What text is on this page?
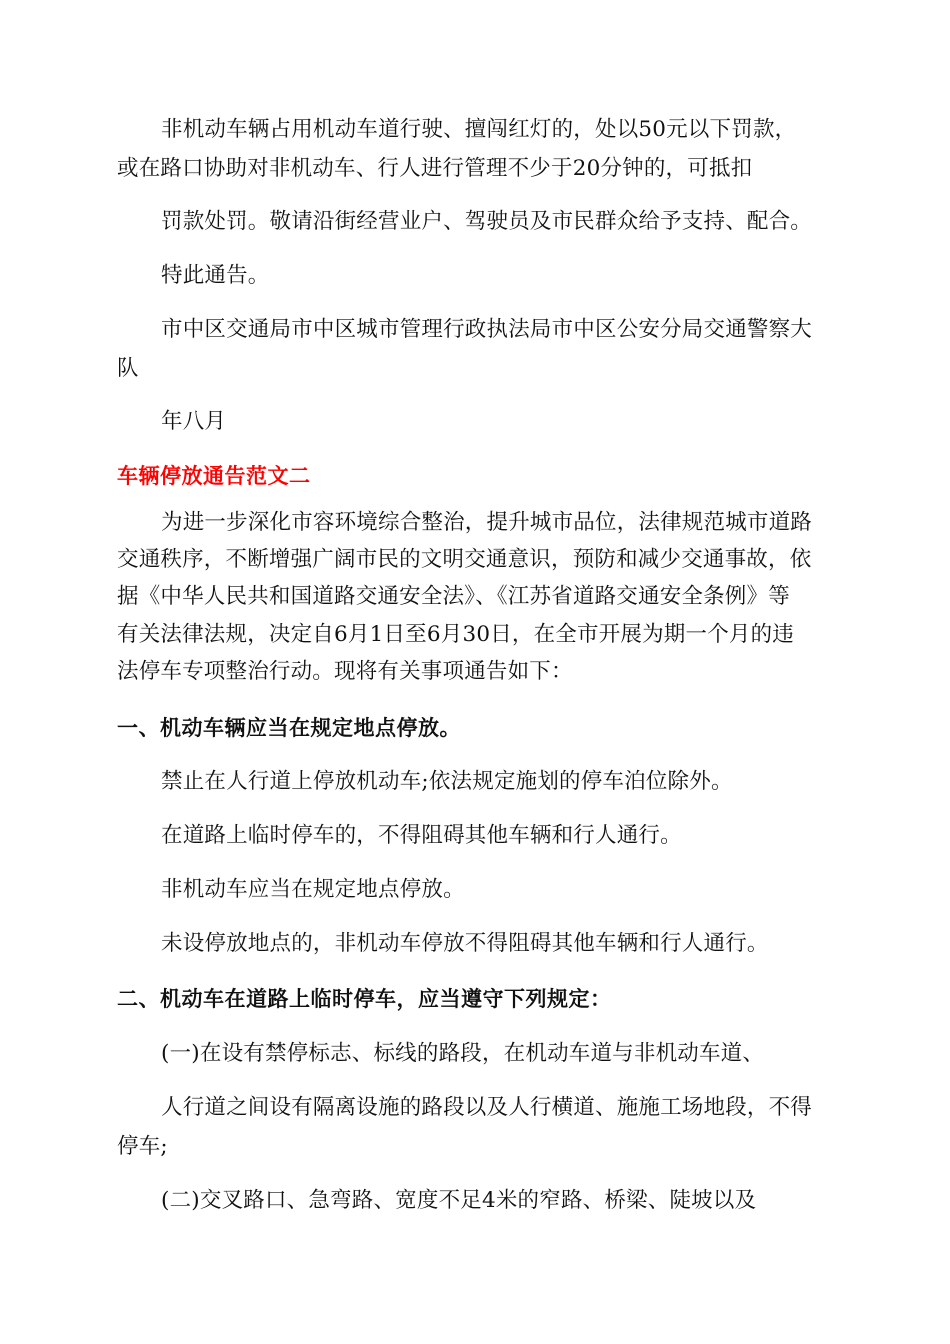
非机动车辆占用机动车道行驶、擅闯红灯的，处以50元以下罚款，
或在路口协助对非机动车、行人进行管理不少于20分钟的，可抵扣
罚款处罚。敬请沿街经营业户、驾驶员及市民群众给予支持、配合。
特此通告。
市中区交通局市中区城市管理行政执法局市中区公安分局交通警察大
队
年八月
车辆停放通告范文二
为进一步深化市容环境综合整治，提升城市品位，法律规范城市道路
交通秩序，不断增强广阔市民的文明交通意识，预防和减少交通事故，依
据《中华人民共和国道路交通安全法》、《江苏省道路交通安全条例》等
有关法律法规，决定自6月1日至6月30日，在全市开展为期一个月的违
法停车专项整治行动。现将有关事项通告如下：
一、机动车辆应当在规定地点停放。
禁止在人行道上停放机动车;依法规定施划的停车泊位除外。
在道路上临时停车的，不得阻碍其他车辆和行人通行。
非机动车应当在规定地点停放。
未设停放地点的，非机动车停放不得阻碍其他车辆和行人通行。
二、机动车在道路上临时停车，应当遵守下列规定：
(一)在设有禁停标志、标线的路段，在机动车道与非机动车道、
人行道之间设有隔离设施的路段以及人行横道、施施工场地段，不得
停车;
(二)交叉路口、急弯路、宽度不足4米的窄路、桥梁、陡坡以及
